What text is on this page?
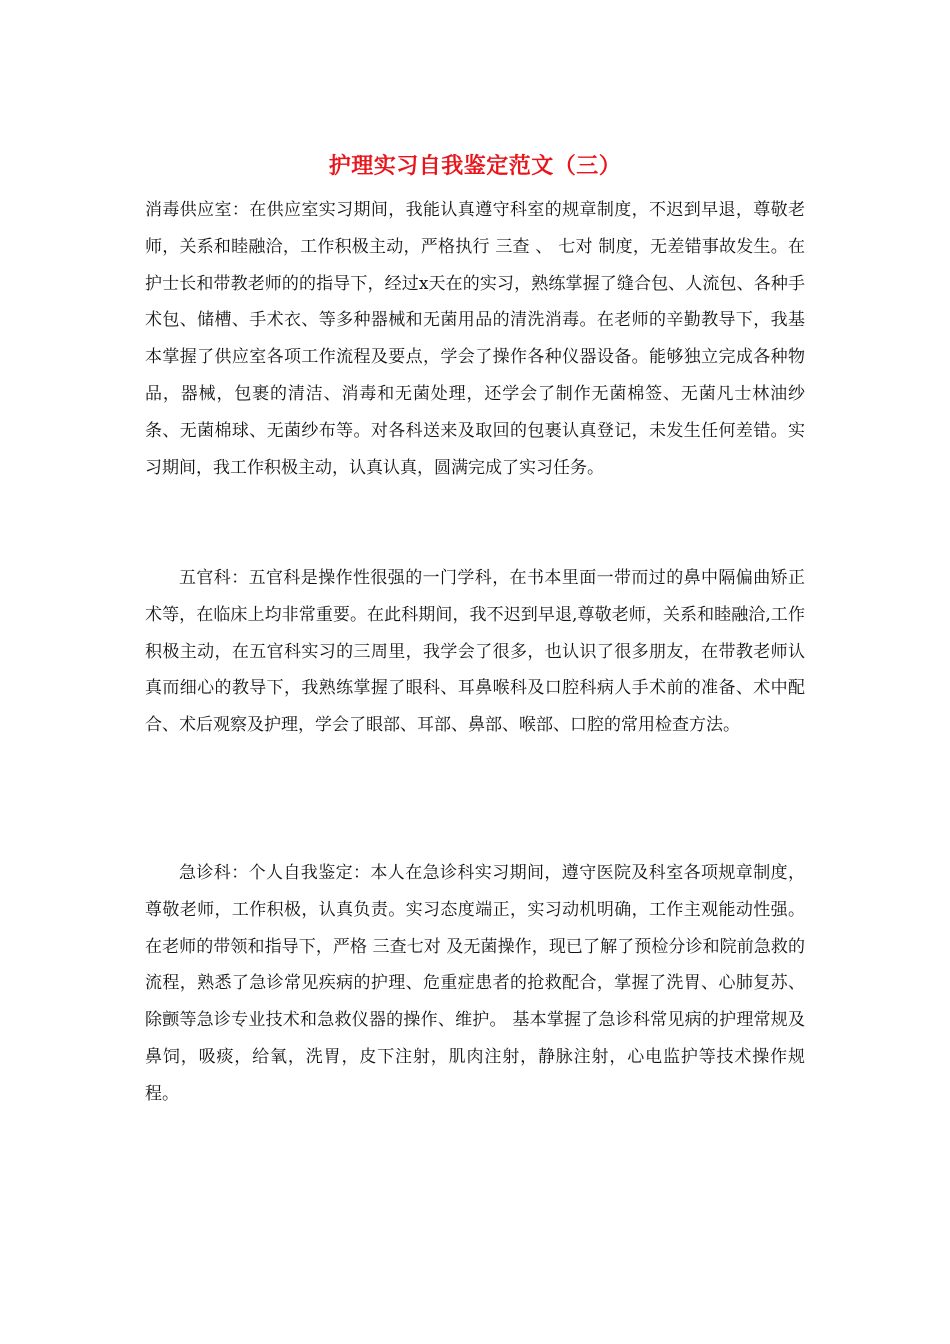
护理实习自我鉴定范文（三）

消毒供应室：在供应室实习期间，我能认真遵守科室的规章制度，不迟到早退，尊敬老师，关系和睦融洽，工作积极主动，严格执行 三查 、 七对 制度，无差错事故发生。在护士长和带教老师的的指导下，经过x天在的实习，熟练掌握了缝合包、人流包、各种手术包、储槽、手术衣、等多种器械和无菌用品的清洗消毒。在老师的辛勤教导下，我基本掌握了供应室各项工作流程及要点，学会了操作各种仪器设备。能够独立完成各种物品，器械，包裹的清洁、消毒和无菌处理，还学会了制作无菌棉签、无菌凡士林油纱条、无菌棉球、无菌纱布等。对各科送来及取回的包裹认真登记，未发生任何差错。实习期间，我工作积极主动，认真认真，圆满完成了实习任务。

五官科：五官科是操作性很强的一门学科，在书本里面一带而过的鼻中隔偏曲矫正术等，在临床上均非常重要。在此科期间，我不迟到早退,尊敬老师，关系和睦融洽,工作积极主动，在五官科实习的三周里，我学会了很多，也认识了很多朋友，在带教老师认真而细心的教导下，我熟练掌握了眼科、耳鼻喉科及口腔科病人手术前的准备、术中配合、术后观察及护理，学会了眼部、耳部、鼻部、喉部、口腔的常用检查方法。

急诊科：个人自我鉴定：本人在急诊科实习期间，遵守医院及科室各项规章制度，尊敬老师，工作积极，认真负责。实习态度端正，实习动机明确，工作主观能动性强。在老师的带领和指导下，严格 三查七对 及无菌操作，现已了解了预检分诊和院前急救的流程，熟悉了急诊常见疾病的护理、危重症患者的抢救配合，掌握了洗胃、心肺复苏、除颤等急诊专业技术和急救仪器的操作、维护。 基本掌握了急诊科常见病的护理常规及鼻饲，吸痰，给氧，洗胃，皮下注射，肌肉注射，静脉注射，心电监护等技术操作规程。
